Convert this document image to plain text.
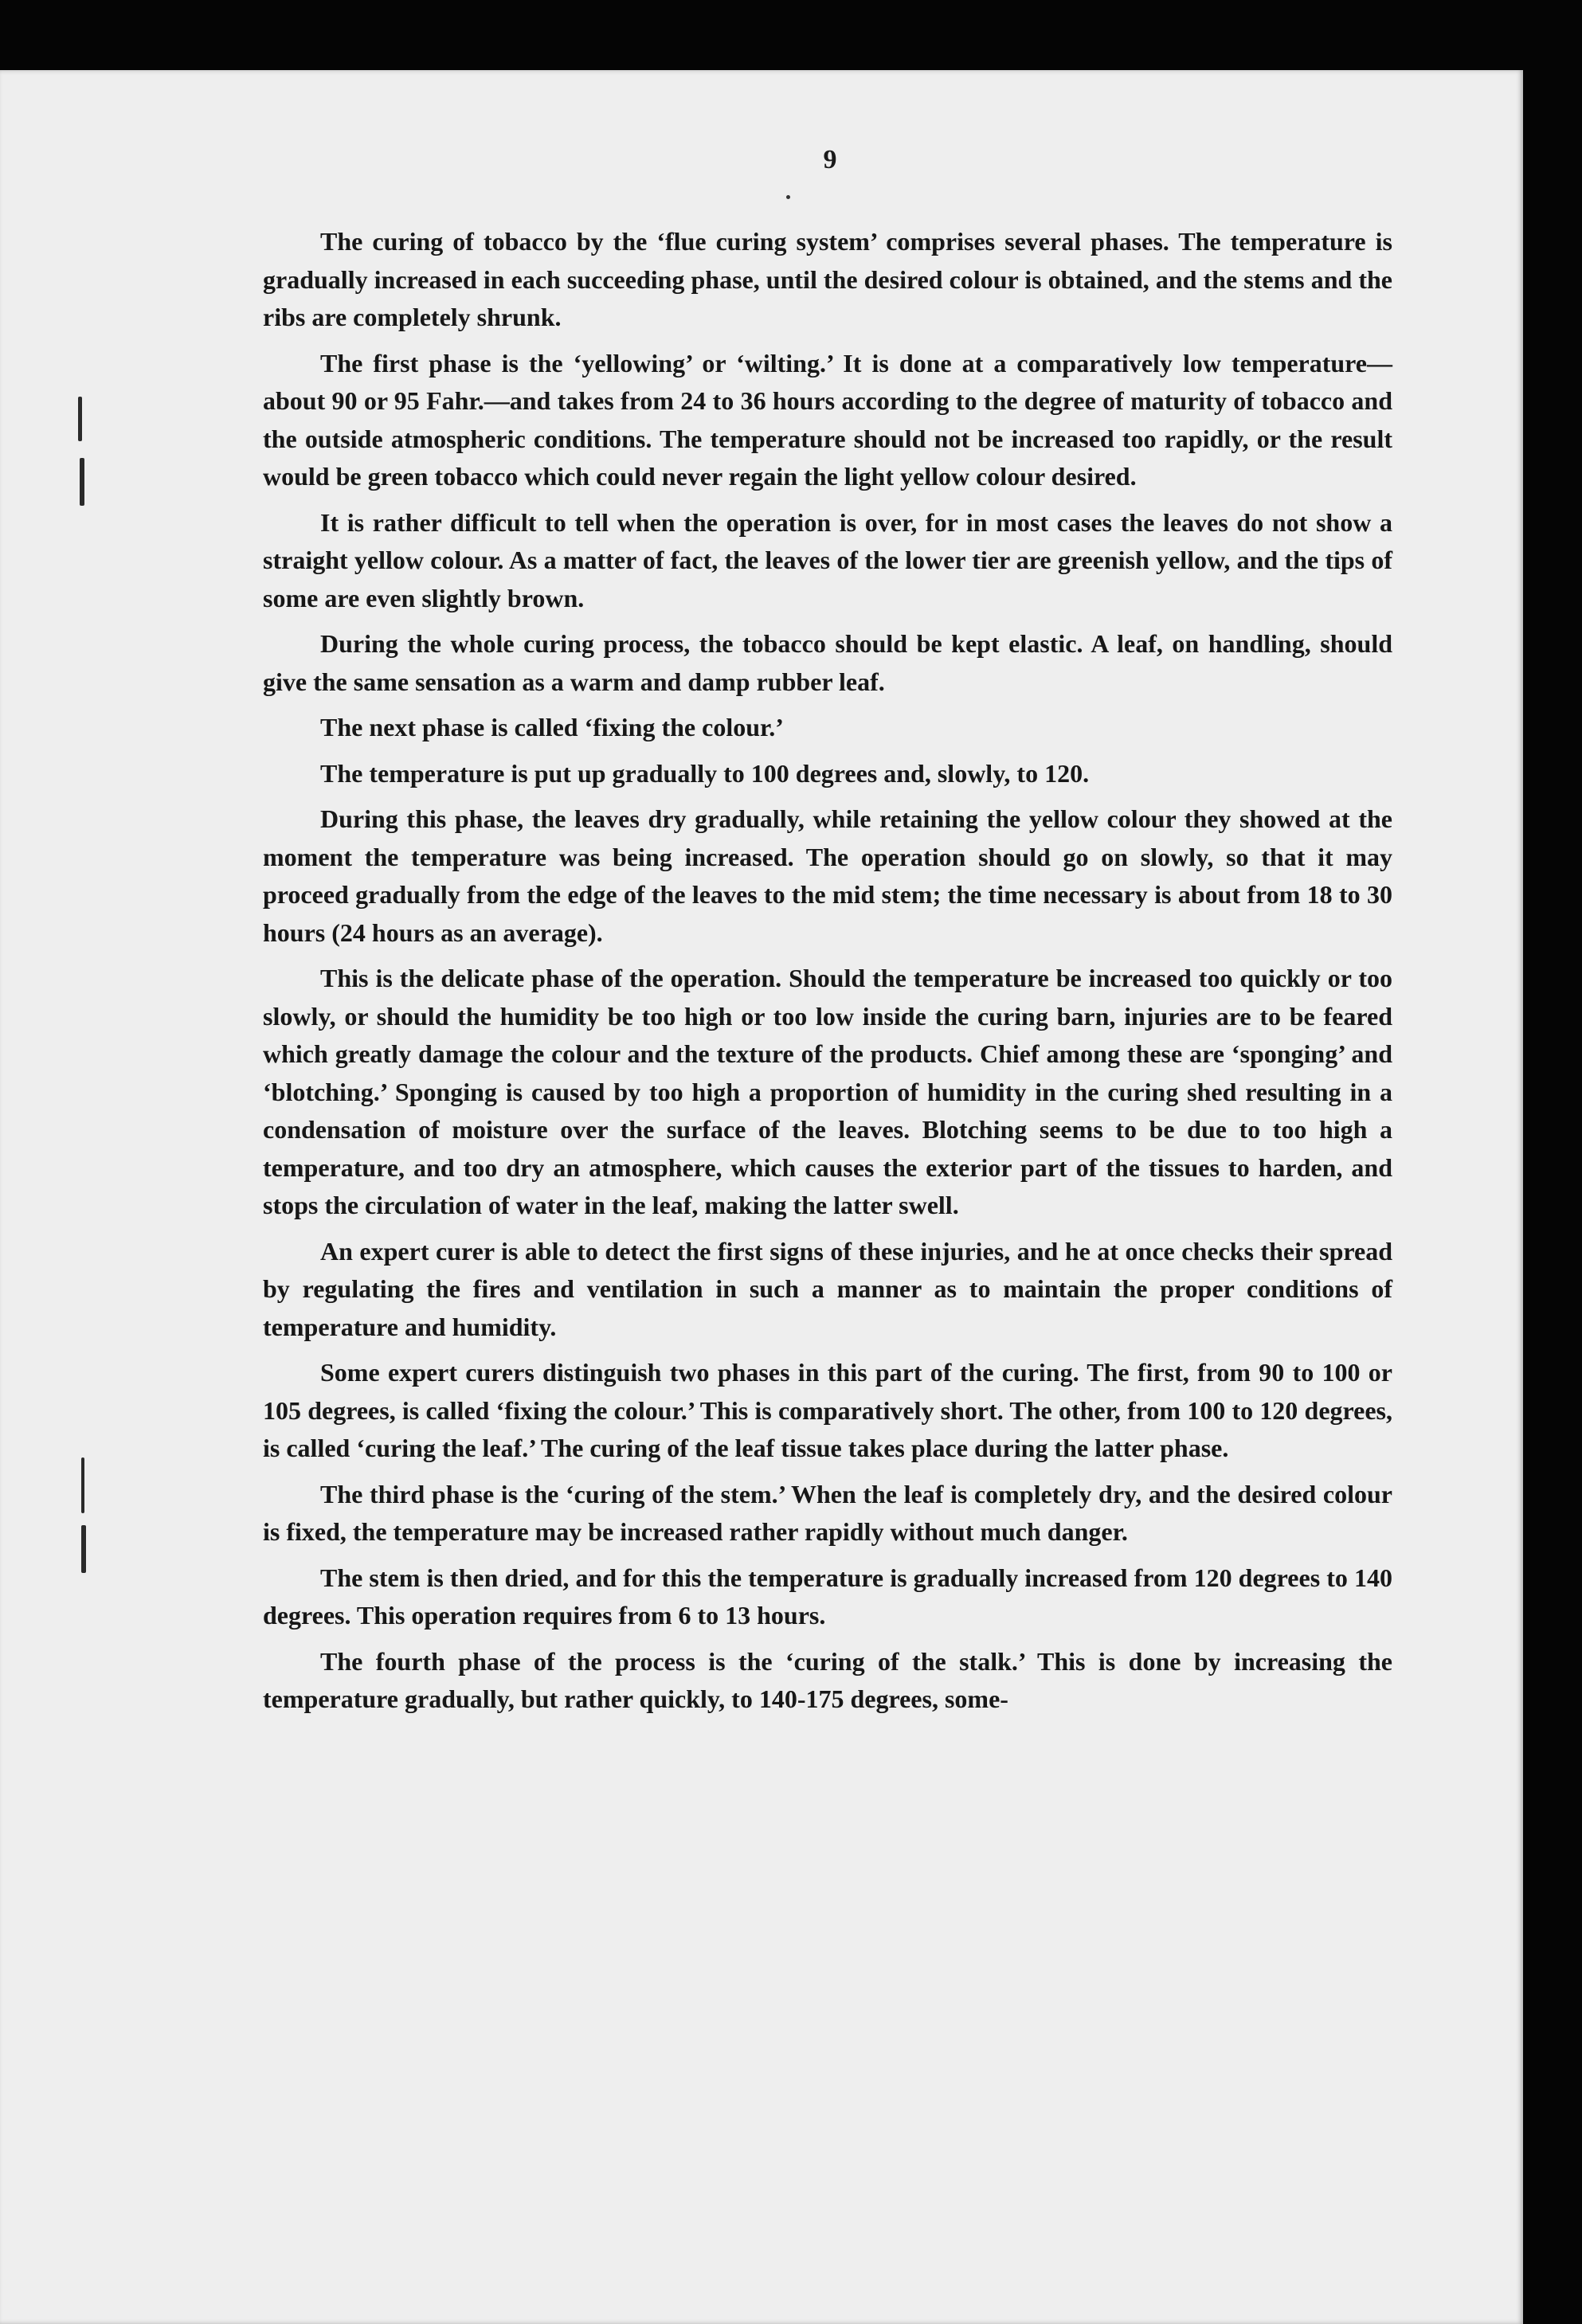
9

The curing of tobacco by the ‘flue curing system’ comprises several phases. The temperature is gradually increased in each succeeding phase, until the desired colour is obtained, and the stems and the ribs are completely shrunk.

The first phase is the ‘yellowing’ or ‘wilting.’ It is done at a comparatively low temperature—about 90 or 95 Fahr.—and takes from 24 to 36 hours according to the degree of maturity of tobacco and the outside atmospheric conditions. The temperature should not be increased too rapidly, or the result would be green tobacco which could never regain the light yellow colour desired.

It is rather difficult to tell when the operation is over, for in most cases the leaves do not show a straight yellow colour. As a matter of fact, the leaves of the lower tier are greenish yellow, and the tips of some are even slightly brown.

During the whole curing process, the tobacco should be kept elastic. A leaf, on handling, should give the same sensation as a warm and damp rubber leaf.

The next phase is called ‘fixing the colour.’

The temperature is put up gradually to 100 degrees and, slowly, to 120.

During this phase, the leaves dry gradually, while retaining the yellow colour they showed at the moment the temperature was being increased. The operation should go on slowly, so that it may proceed gradually from the edge of the leaves to the mid stem; the time necessary is about from 18 to 30 hours (24 hours as an average).

This is the delicate phase of the operation. Should the temperature be increased too quickly or too slowly, or should the humidity be too high or too low inside the curing barn, injuries are to be feared which greatly damage the colour and the texture of the products. Chief among these are ‘sponging’ and ‘blotching.’ Sponging is caused by too high a proportion of humidity in the curing shed resulting in a condensation of moisture over the surface of the leaves. Blotching seems to be due to too high a temperature, and too dry an atmosphere, which causes the exterior part of the tissues to harden, and stops the circulation of water in the leaf, making the latter swell.

An expert curer is able to detect the first signs of these injuries, and he at once checks their spread by regulating the fires and ventilation in such a manner as to maintain the proper conditions of temperature and humidity.

Some expert curers distinguish two phases in this part of the curing. The first, from 90 to 100 or 105 degrees, is called ‘fixing the colour.’ This is comparatively short. The other, from 100 to 120 degrees, is called ‘curing the leaf.’ The curing of the leaf tissue takes place during the latter phase.

The third phase is the ‘curing of the stem.’ When the leaf is completely dry, and the desired colour is fixed, the temperature may be increased rather rapidly without much danger.

The stem is then dried, and for this the temperature is gradually increased from 120 degrees to 140 degrees. This operation requires from 6 to 13 hours.

The fourth phase of the process is the ‘curing of the stalk.’ This is done by increasing the temperature gradually, but rather quickly, to 140-175 degrees, some-
